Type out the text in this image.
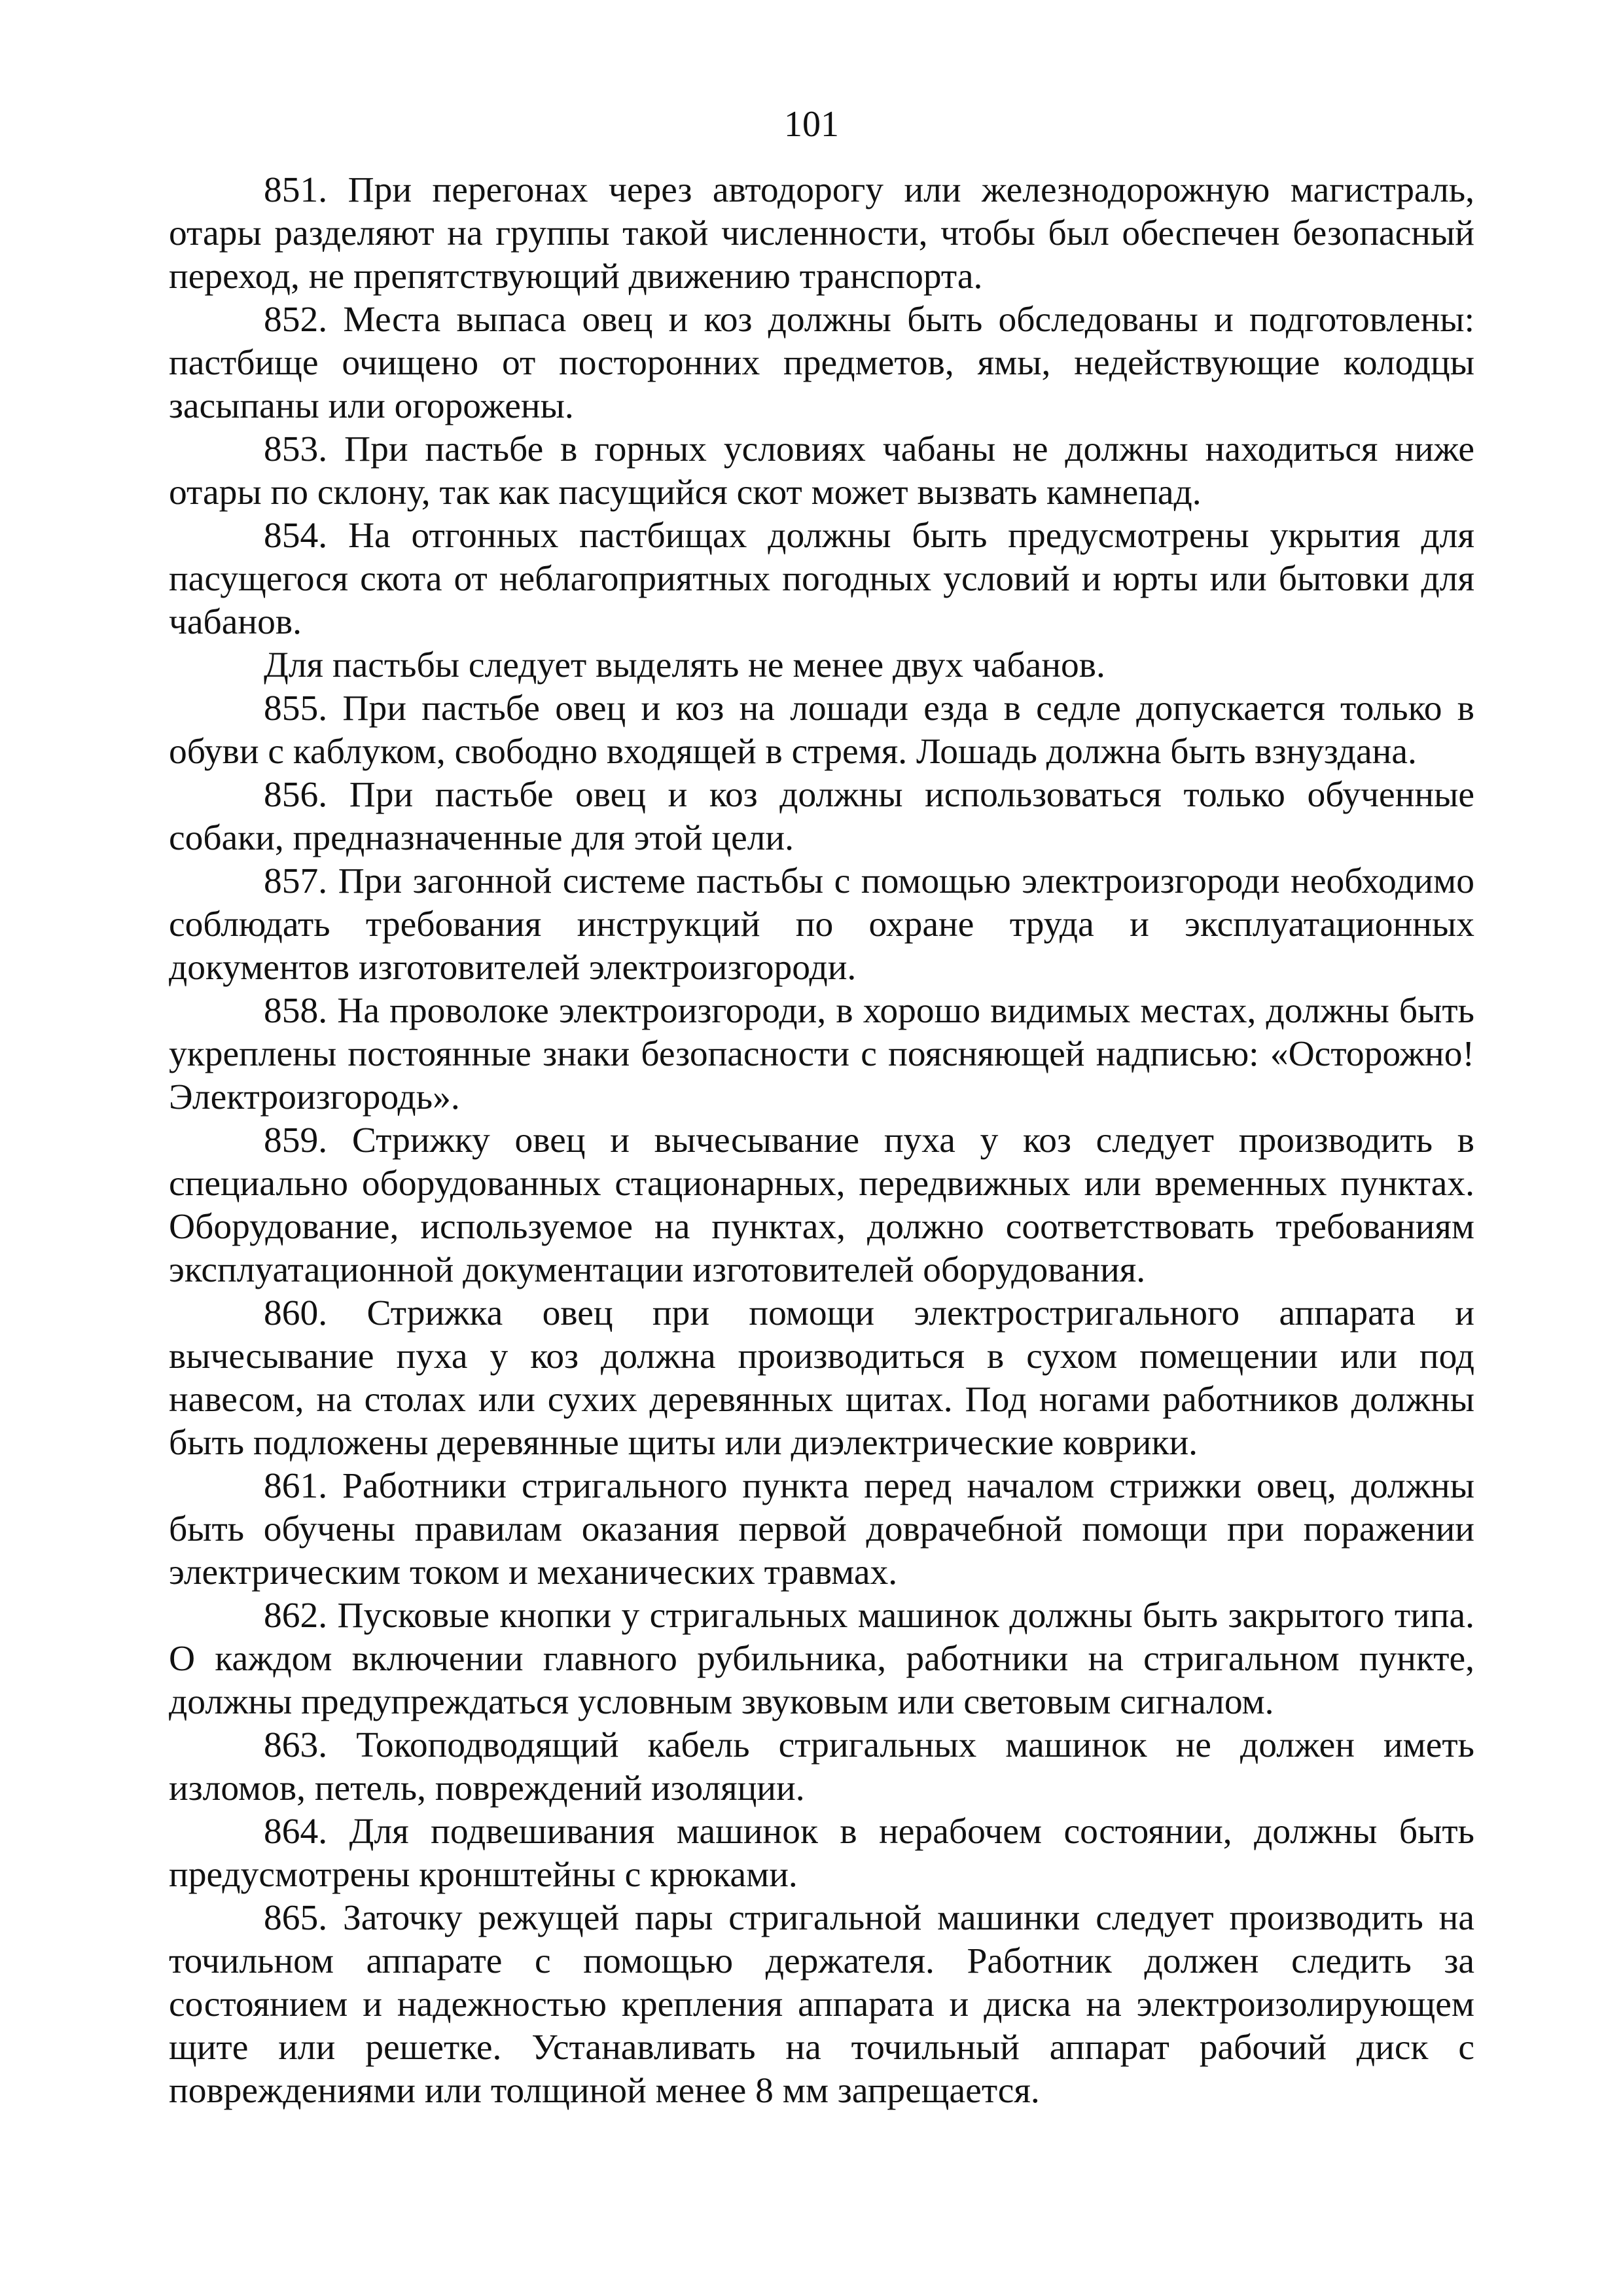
101

851. При перегонах через автодорогу или железнодорожную магистраль, отары разделяют на группы такой численности, чтобы был обеспечен безопасный переход, не препятствующий движению транспорта.

852. Места выпаса овец и коз должны быть обследованы и подготовлены: пастбище очищено от посторонних предметов, ямы, недействующие колодцы засыпаны или огорожены.

853. При пастьбе в горных условиях чабаны не должны находиться ниже отары по склону, так как пасущийся скот может вызвать камнепад.

854. На отгонных пастбищах должны быть предусмотрены укрытия для пасущегося скота от неблагоприятных погодных условий и юрты или бытовки для чабанов.

Для пастьбы следует выделять не менее двух чабанов.

855. При пастьбе овец и коз на лошади езда в седле допускается только в обуви с каблуком, свободно входящей в стремя. Лошадь должна быть взнуздана.

856. При пастьбе овец и коз должны использоваться только обученные собаки, предназначенные для этой цели.

857. При загонной системе пастьбы с помощью электроизгороди необходимо соблюдать требования инструкций по охране труда и эксплуатационных документов изготовителей электроизгороди.

858. На проволоке электроизгороди, в хорошо видимых местах, должны быть укреплены постоянные знаки безопасности с поясняющей надписью: «Осторожно! Электроизгородь».

859. Стрижку овец и вычесывание пуха у коз следует производить в специально оборудованных стационарных, передвижных или временных пунктах. Оборудование, используемое на пунктах, должно соответствовать требованиям эксплуатационной документации изготовителей оборудования.

860. Стрижка овец при помощи электростригального аппарата и вычесывание пуха у коз должна производиться в сухом помещении или под навесом, на столах или сухих деревянных щитах. Под ногами работников должны быть подложены деревянные щиты или диэлектрические коврики.

861. Работники стригального пункта перед началом стрижки овец, должны быть обучены правилам оказания первой доврачебной помощи при поражении электрическим током и механических травмах.

862. Пусковые кнопки у стригальных машинок должны быть закрытого типа. О каждом включении главного рубильника, работники на стригальном пункте, должны предупреждаться условным звуковым или световым сигналом.

863. Токоподводящий кабель стригальных машинок не должен иметь изломов, петель, повреждений изоляции.

864. Для подвешивания машинок в нерабочем состоянии, должны быть предусмотрены кронштейны с крюками.

865. Заточку режущей пары стригальной машинки следует производить на точильном аппарате с помощью держателя. Работник должен следить за состоянием и надежностью крепления аппарата и диска на электроизолирующем щите или решетке. Устанавливать на точильный аппарат рабочий диск с повреждениями или толщиной менее 8 мм запрещается.
